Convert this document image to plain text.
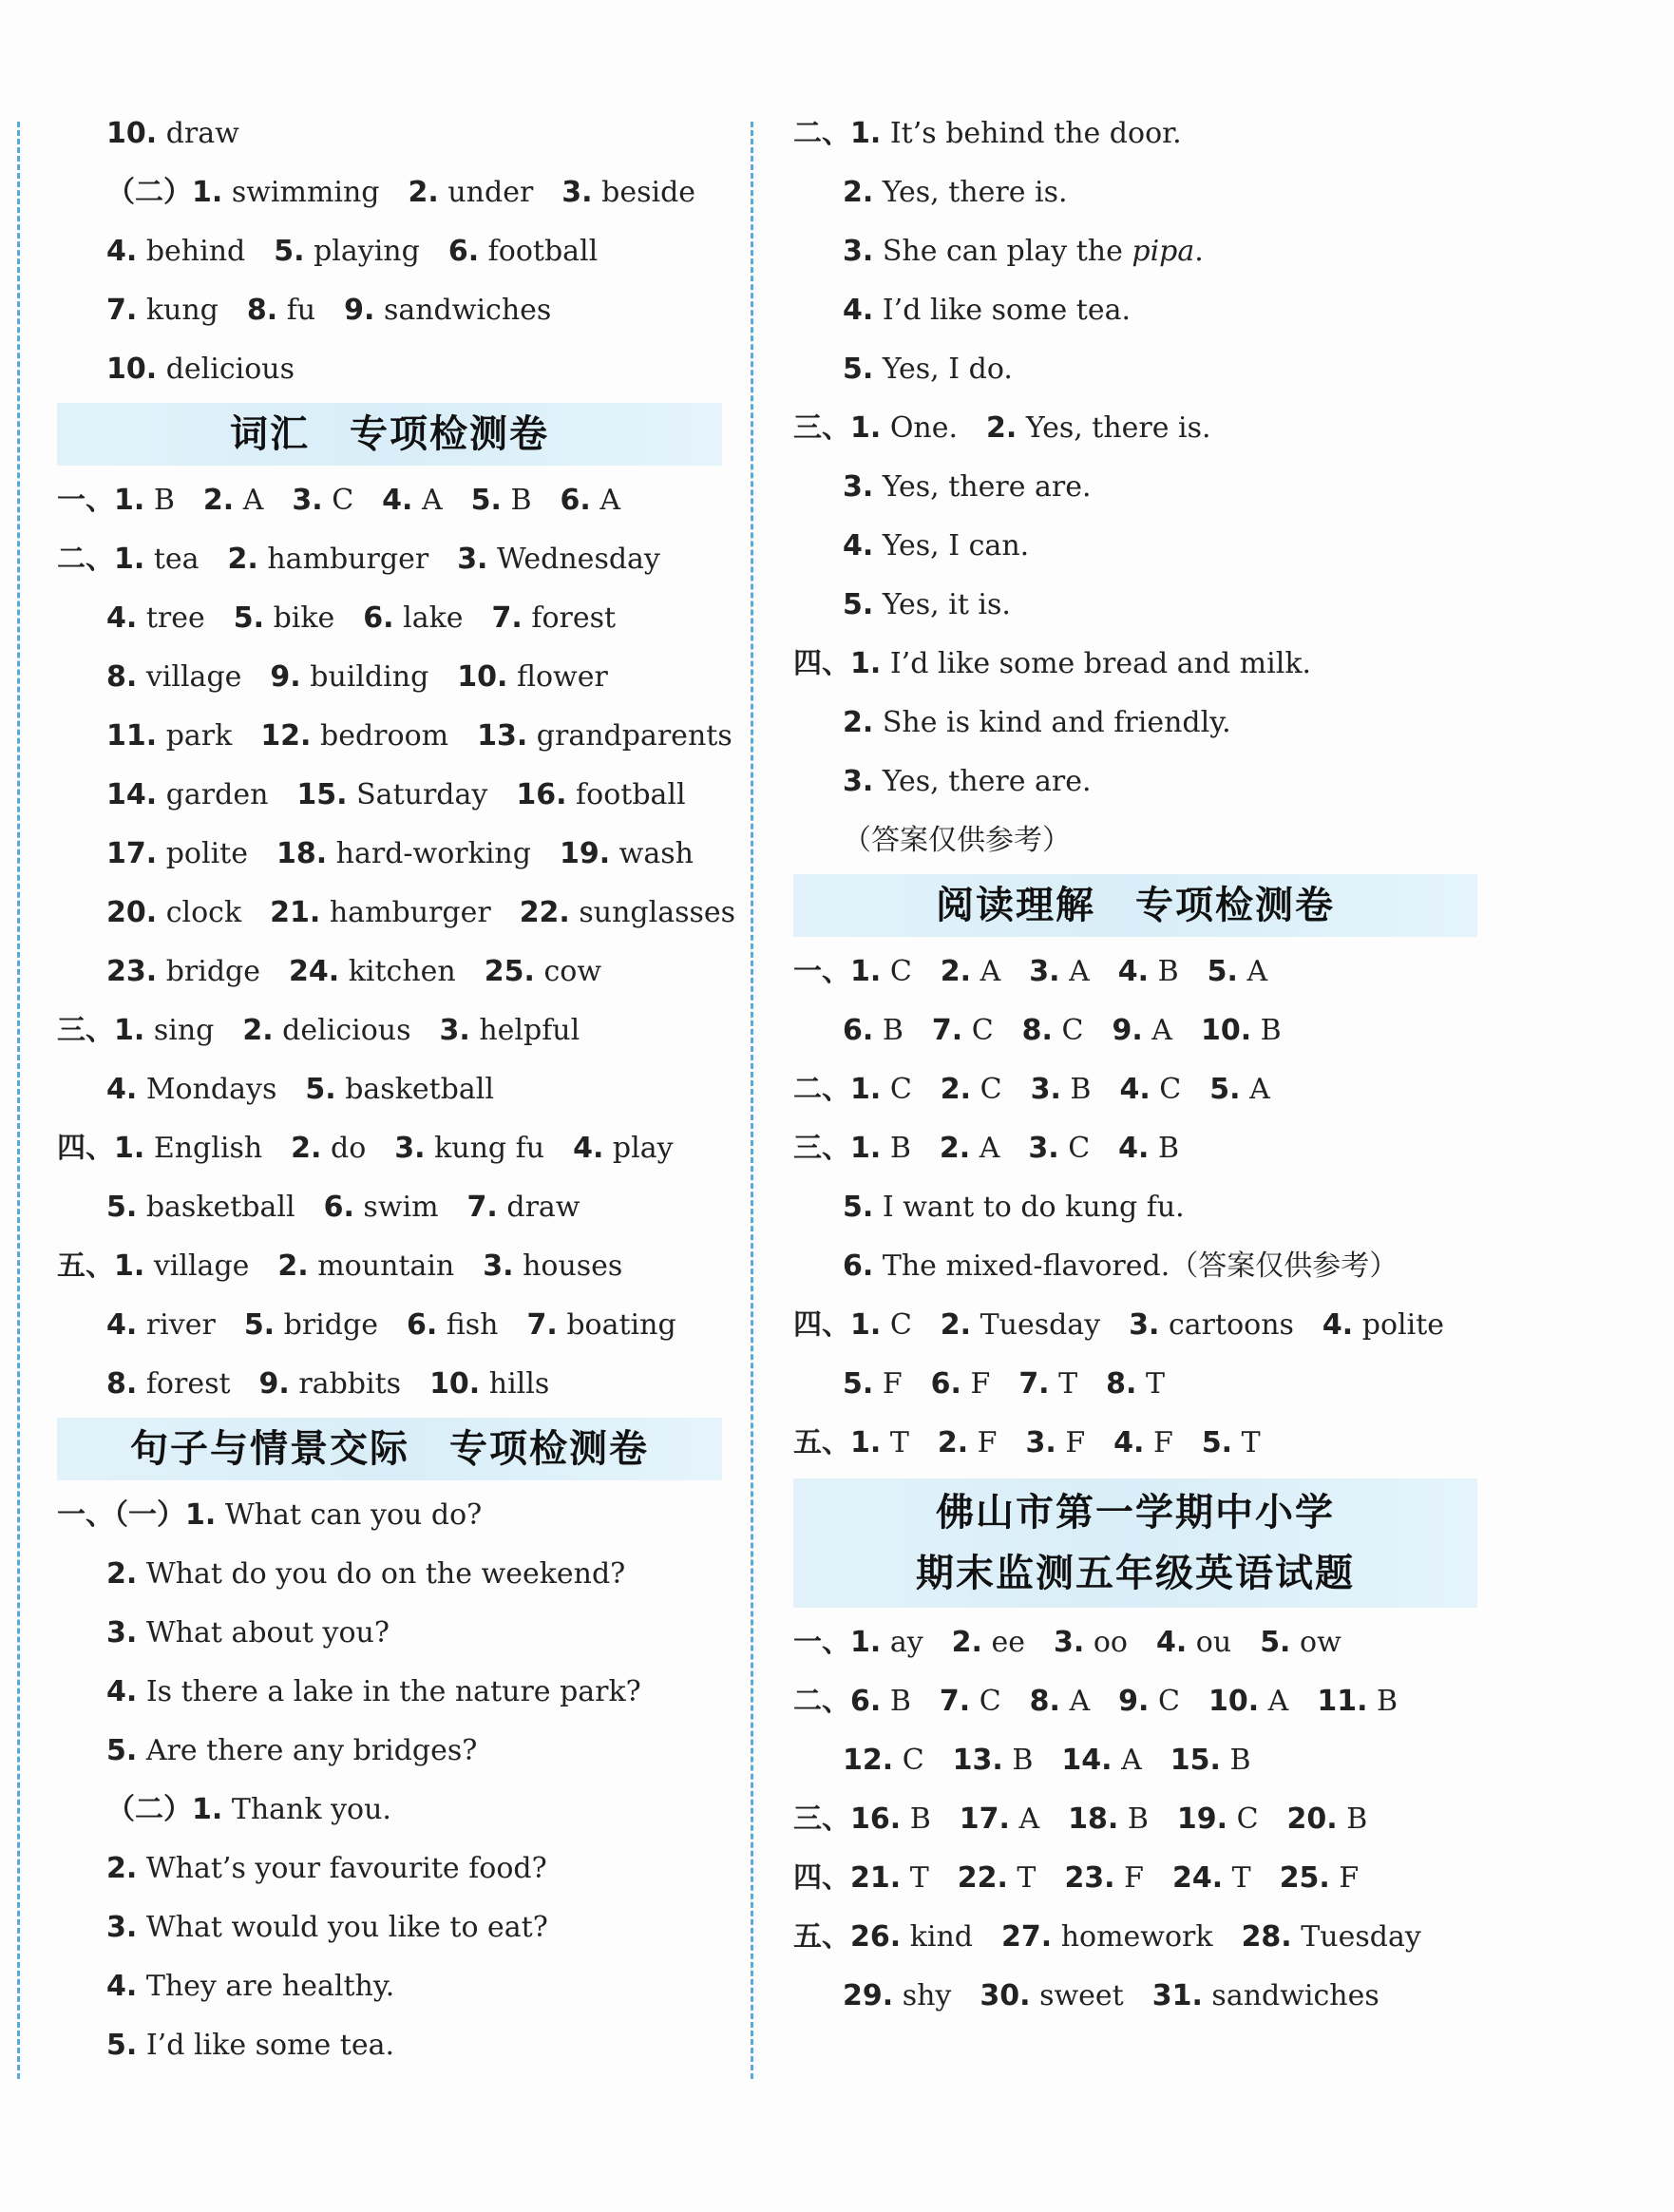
10. draw
（二）1. swimming 2. under 3. beside
4. behind 5. playing 6. football
7. kung 8. fu 9. sandwiches
10. delicious
词汇　专项检测卷
一、1. B 2. A 3. C 4. A 5. B 6. A
二、1. tea 2. hamburger 3. Wednesday
4. tree 5. bike 6. lake 7. forest
8. village 9. building 10. flower
11. park 12. bedroom 13. grandparents
14. garden 15. Saturday 16. football
17. polite 18. hard-working 19. wash
20. clock 21. hamburger 22. sunglasses
23. bridge 24. kitchen 25. cow
三、1. sing 2. delicious 3. helpful
4. Mondays 5. basketball
四、1. English 2. do 3. kung fu 4. play
5. basketball 6. swim 7. draw
五、1. village 2. mountain 3. houses
4. river 5. bridge 6. fish 7. boating
8. forest 9. rabbits 10. hills
句子与情景交际　专项检测卷
一、（一）1. What can you do?
2. What do you do on the weekend?
3. What about you?
4. Is there a lake in the nature park?
5. Are there any bridges?
（二）1. Thank you.
2. What’s your favourite food?
3. What would you like to eat?
4. They are healthy.
5. I’d like some tea.
二、1. It’s behind the door.
2. Yes, there is.
3. She can play the pipa.
4. I’d like some tea.
5. Yes, I do.
三、1. One. 2. Yes, there is.
3. Yes, there are.
4. Yes, I can.
5. Yes, it is.
四、1. I’d like some bread and milk.
2. She is kind and friendly.
3. Yes, there are.
（答案仅供参考）
阅读理解　专项检测卷
一、1. C 2. A 3. A 4. B 5. A
6. B 7. C 8. C 9. A 10. B
二、1. C 2. C 3. B 4. C 5. A
三、1. B 2. A 3. C 4. B
5. I want to do kung fu.
6. The mixed-flavored.（答案仅供参考）
四、1. C 2. Tuesday 3. cartoons 4. polite
5. F 6. F 7. T 8. T
五、1. T 2. F 3. F 4. F 5. T
佛山市第一学期中小学
期末监测五年级英语试题
一、1. ay 2. ee 3. oo 4. ou 5. ow
二、6. B 7. C 8. A 9. C 10. A 11. B
12. C 13. B 14. A 15. B
三、16. B 17. A 18. B 19. C 20. B
四、21. T 22. T 23. F 24. T 25. F
五、26. kind 27. homework 28. Tuesday
29. shy 30. sweet 31. sandwiches
